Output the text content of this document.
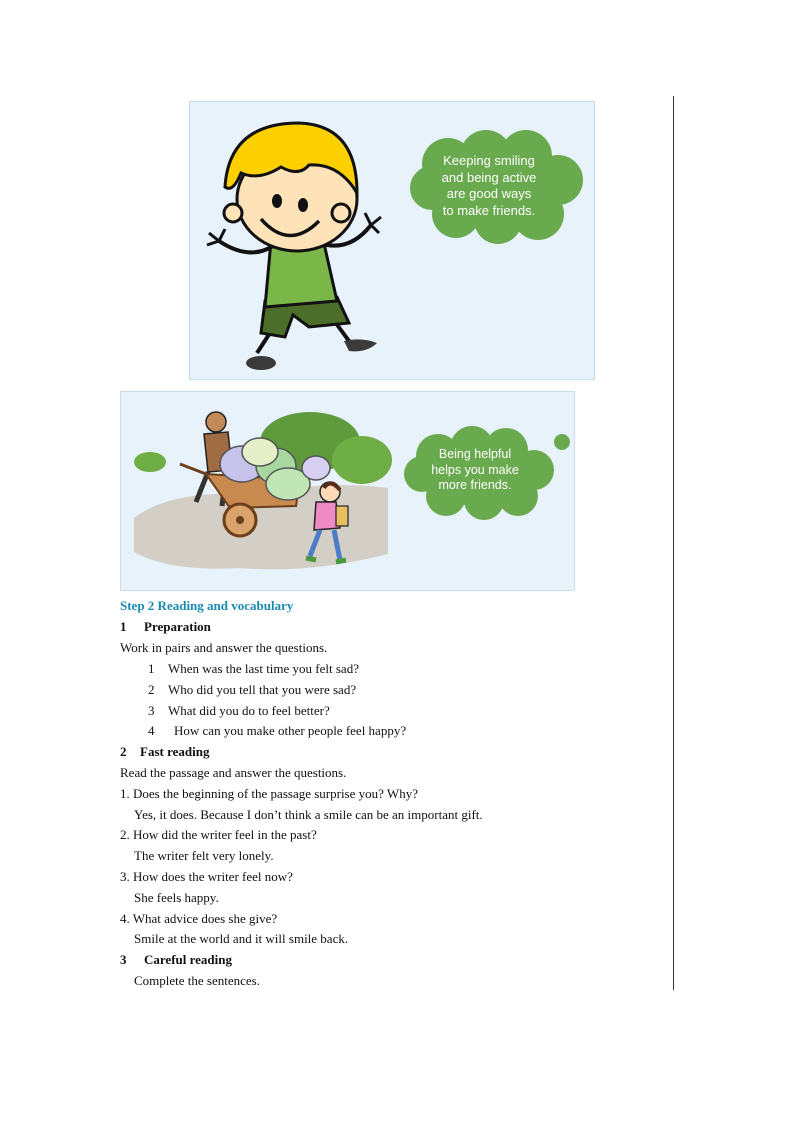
Keeping smiling
and being active
are good ways
to make friends.
Being helpful
helps you make
more friends.
Step 2 Reading and vocabulary
1 Preparation
Work in pairs and answer the questions.
1 When was the last time you felt sad?
2 Who did you tell that you were sad?
3 What did you do to feel better?
4 How can you make other people feel happy?
2 Fast reading
Read the passage and answer the questions.
1. Does the beginning of the passage surprise you? Why?
Yes, it does. Because I don’t think a smile can be an important gift.
2. How did the writer feel in the past?
The writer felt very lonely.
3. How does the writer feel now?
She feels happy.
4. What advice does she give?
Smile at the world and it will smile back.
3 Careful reading
Complete the sentences.
